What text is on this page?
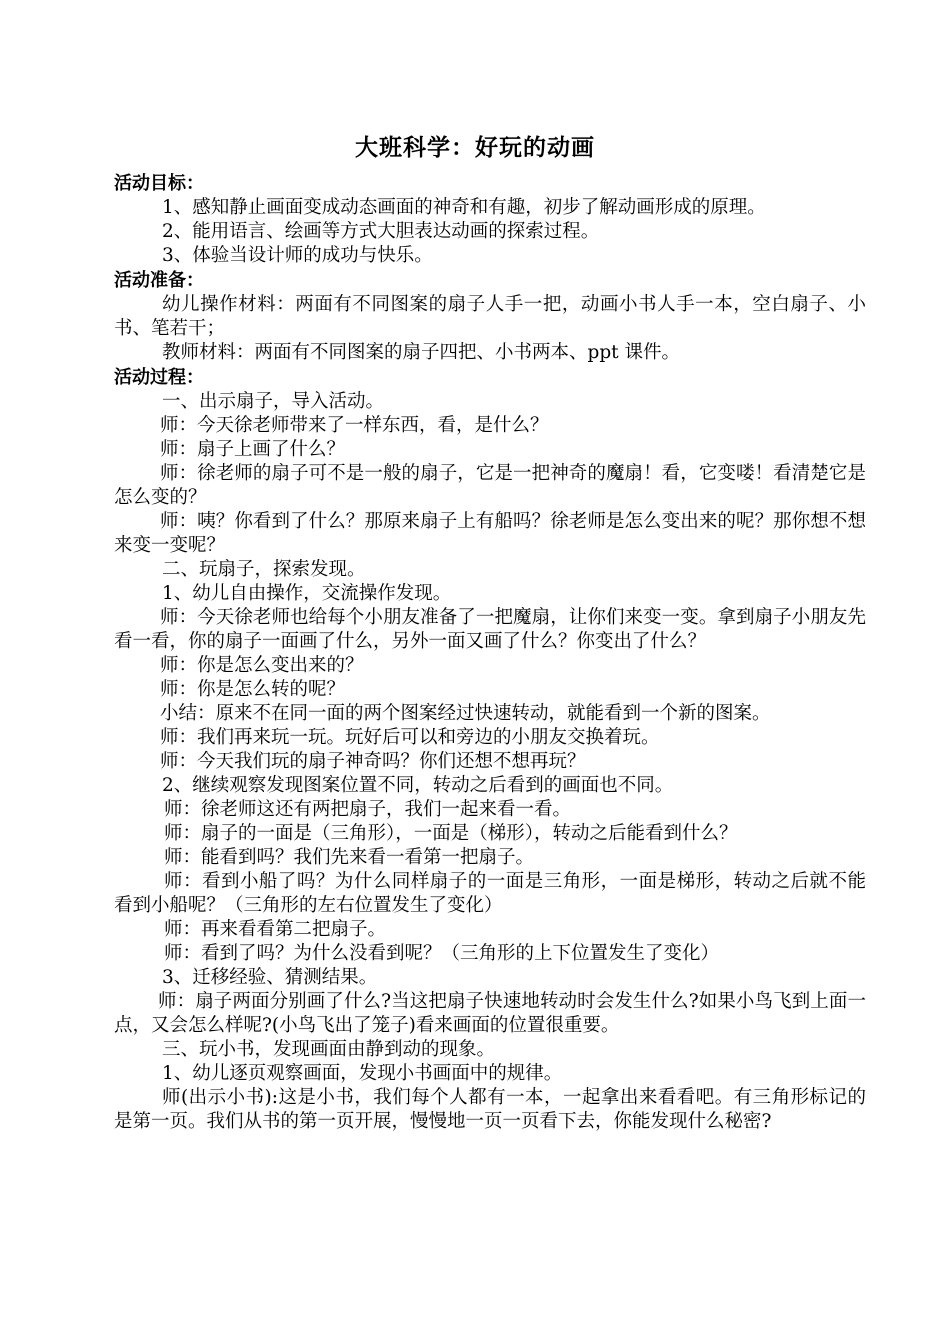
大班科学：好玩的动画
活动目标：

1、感知静止画面变成动态画面的神奇和有趣，初步了解动画形成的原理。

2、能用语言、绘画等方式大胆表达动画的探索过程。

3、体验当设计师的成功与快乐。

活动准备：

幼儿操作材料：两面有不同图案的扇子人手一把，动画小书人手一本，空白扇子、小书、笔若干；

教师材料：两面有不同图案的扇子四把、小书两本、ppt 课件。

活动过程：

一、出示扇子，导入活动。

师：今天徐老师带来了一样东西，看，是什么？

师：扇子上画了什么？

师：徐老师的扇子可不是一般的扇子，它是一把神奇的魔扇！看，它变喽！看清楚它是怎么变的？

师：咦？你看到了什么？那原来扇子上有船吗？徐老师是怎么变出来的呢？那你想不想来变一变呢？

二、玩扇子，探索发现。

1、幼儿自由操作，交流操作发现。

师：今天徐老师也给每个小朋友准备了一把魔扇，让你们来变一变。拿到扇子小朋友先看一看，你的扇子一面画了什么，另外一面又画了什么？你变出了什么？

师：你是怎么变出来的？

师：你是怎么转的呢？

小结：原来不在同一面的两个图案经过快速转动，就能看到一个新的图案。

师：我们再来玩一玩。玩好后可以和旁边的小朋友交换着玩。

师：今天我们玩的扇子神奇吗？你们还想不想再玩？

2、继续观察发现图案位置不同，转动之后看到的画面也不同。

师：徐老师这还有两把扇子，我们一起来看一看。

师：扇子的一面是（三角形），一面是（梯形），转动之后能看到什么？

师：能看到吗？我们先来看一看第一把扇子。

师：看到小船了吗？为什么同样扇子的一面是三角形，一面是梯形，转动之后就不能看到小船呢？（三角形的左右位置发生了变化）

师：再来看看第二把扇子。

师：看到了吗？为什么没看到呢？（三角形的上下位置发生了变化）

3、迁移经验、猜测结果。

师：扇子两面分别画了什么?当这把扇子快速地转动时会发生什么?如果小鸟飞到上面一点，又会怎么样呢?(小鸟飞出了笼子)看来画面的位置很重要。

三、玩小书，发现画面由静到动的现象。

1、幼儿逐页观察画面，发现小书画面中的规律。

师(出示小书):这是小书，我们每个人都有一本，一起拿出来看看吧。有三角形标记的是第一页。我们从书的第一页开展，慢慢地一页一页看下去，你能发现什么秘密?
